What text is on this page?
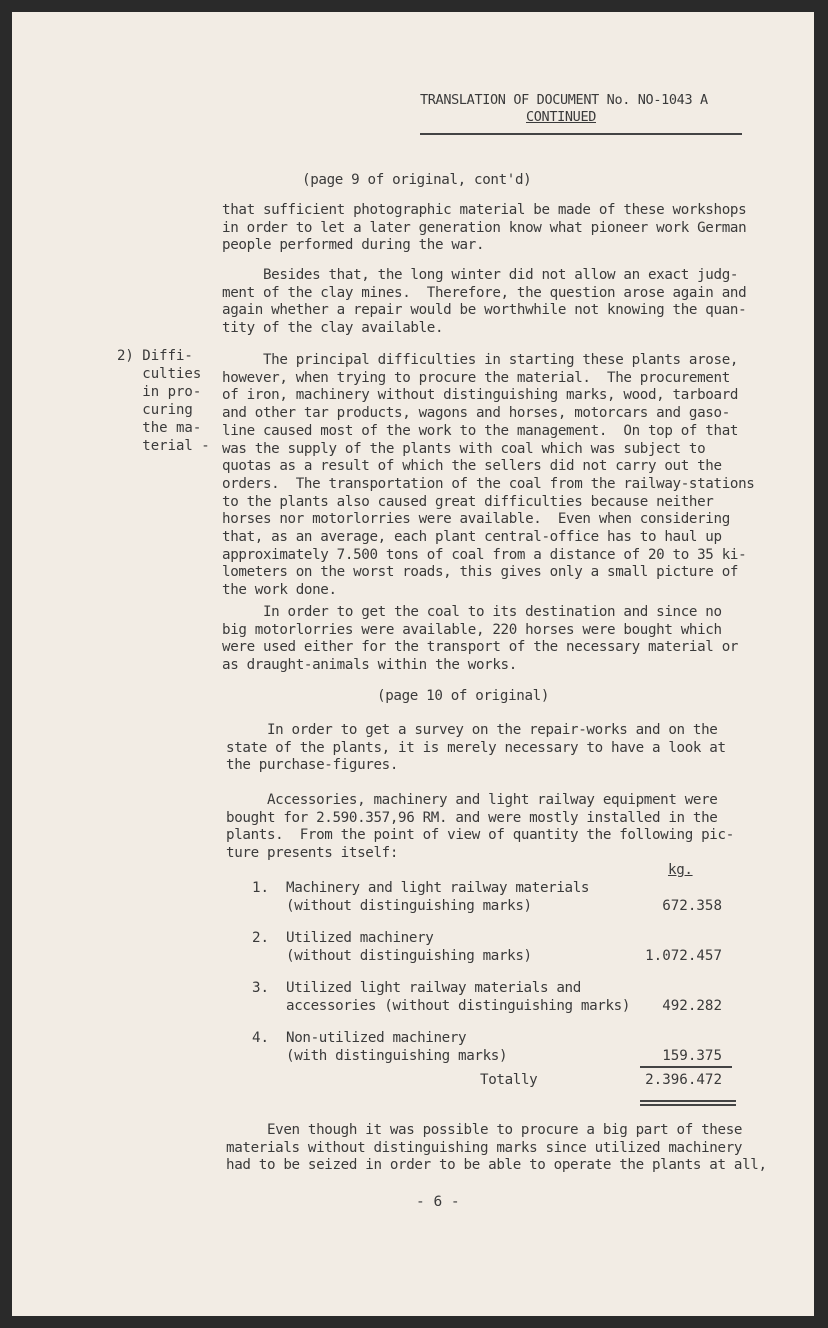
TRANSLATION OF DOCUMENT No. NO-1043 A
CONTINUED
(page 9 of original, cont'd)
that sufficient photographic material be made of these workshops
in order to let a later generation know what pioneer work German
people performed during the war.
Besides that, the long winter did not allow an exact judg-
ment of the clay mines.  Therefore, the question arose again and
again whether a repair would be worthwhile not knowing the quan-
tity of the clay available.
2) Diffi-
culties
in pro-
curing
the ma-
terial -
The principal difficulties in starting these plants arose,
however, when trying to procure the material.  The procurement
of iron, machinery without distinguishing marks, wood, tarboard
and other tar products, wagons and horses, motorcars and gaso-
line caused most of the work to the management.  On top of that
was the supply of the plants with coal which was subject to
quotas as a result of which the sellers did not carry out the
orders.  The transportation of the coal from the railway-stations
to the plants also caused great difficulties because neither
horses nor motorlorries were available.  Even when considering
that, as an average, each plant central-office has to haul up
approximately 7.500 tons of coal from a distance of 20 to 35 ki-
lometers on the worst roads, this gives only a small picture of
the work done.
In order to get the coal to its destination and since no
big motorlorries were available, 220 horses were bought which
were used either for the transport of the necessary material or
as draught-animals within the works.
(page 10 of original)
In order to get a survey on the repair-works and on the
state of the plants, it is merely necessary to have a look at
the purchase-figures.
Accessories, machinery and light railway equipment were
bought for 2.590.357,96 RM. and were mostly installed in the
plants.  From the point of view of quantity the following pic-
ture presents itself:
kg.
1. Machinery and light railway materials
(without distinguishing marks)	672.358
2. Utilized machinery
(without distinguishing marks)	1.072.457
3. Utilized light railway materials and
accessories (without distinguishing marks)	492.282
4. Non-utilized machinery
(with distinguishing marks)	159.375
Totally	2.396.472
Even though it was possible to procure a big part of these
materials without distinguishing marks since utilized machinery
had to be seized in order to be able to operate the plants at all,
- 6 -
